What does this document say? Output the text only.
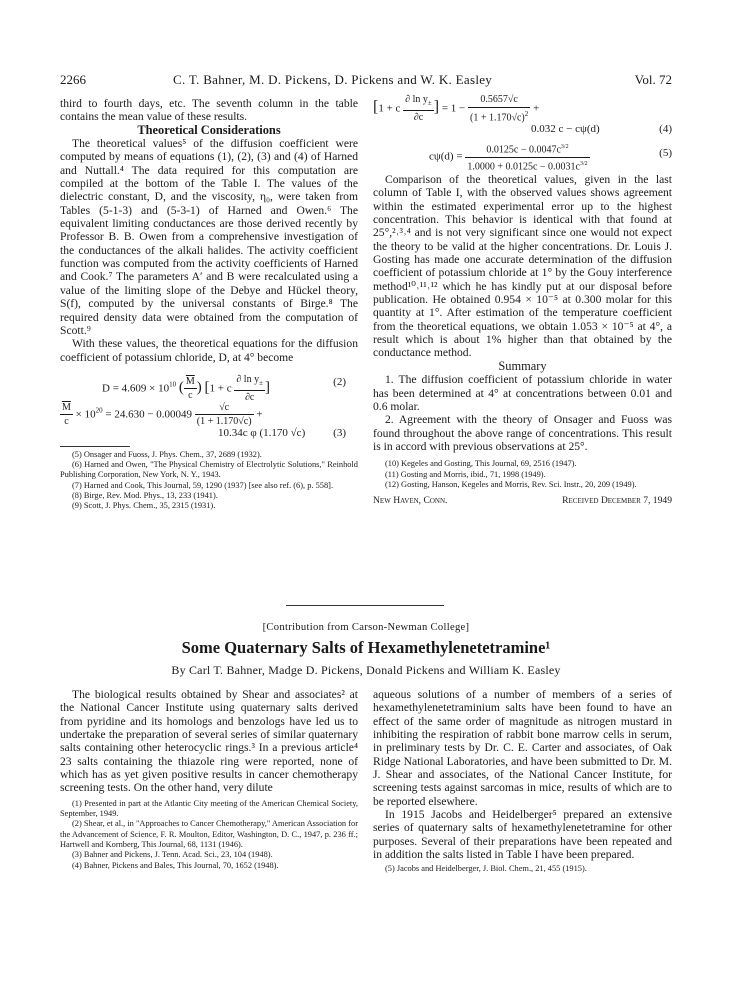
2266	C. T. Bahner, M. D. Pickens, D. Pickens and W. K. Easley	Vol. 72

third to fourth days, etc. The seventh column in the table contains the mean value of these results.

Theoretical Considerations

The theoretical values⁵ of the diffusion coefficient were computed by means of equations (1), (2), (3) and (4) of Harned and Nuttall.⁴ The data required for this computation are compiled at the bottom of the Table I. The values of the dielectric constant, D, and the viscosity, η₀, were taken from Tables (5-1-3) and (5-3-1) of Harned and Owen.⁶ The equivalent limiting conductances are those derived recently by Professor B. B. Owen from a comprehensive investigation of the conductances of the alkali halides. The activity coefficient function was computed from the activity coefficients of Harned and Cook.⁷ The parameters A′ and B were recalculated using a value of the limiting slope of the Debye and Hückel theory, S(f), computed by the universal constants of Birge.⁸ The required density data were obtained from the computation of Scott.⁹

With these values, the theoretical equations for the diffusion coefficient of potassium chloride, D, at 4° become

$D = 4.609 \times 10^{10}$ ( $\frac{\overline{M}}{c}$ ) [1 + c $\frac{\partial \ln y_\pm}{\partial c}$ ]	(2)
$\frac{\overline{M}}{c} \times 10^{20} = 24.630 - 0.00049 \frac{√c}{(1 + 1.170√c)}$ +
10.34c φ (1.170 √c)	(3)

(5) Onsager and Fuoss, J. Phys. Chem., 37, 2689 (1932).

(6) Harned and Owen, "The Physical Chemistry of Electrolytic Solutions," Reinhold Publishing Corporation, New York, N. Y., 1943.

(7) Harned and Cook, This Journal, 59, 1290 (1937) [see also ref. (6), p. 558].

(8) Birge, Rev. Mod. Phys., 13, 233 (1941).

(9) Scott, J. Phys. Chem., 35, 2315 (1931).

[1 + c $\frac{\partial \ln y_\pm}{\partial c}$ ] = $1 - \frac{0.5657√c}{(1 + 1.170√c)^2}$ +
0.032 c − cψ(d)	(4)
$c\psi(d) = \frac{0.0125c - 0.0047c^{3/2}}{1.0000 + 0.0125c - 0.0031c^{3/2}}$	(5)

Comparison of the theoretical values, given in the last column of Table I, with the observed values shows agreement within the estimated experimental error up to the highest concentration. This behavior is identical with that found at 25°,²˒³˒⁴ and is not very significant since one would not expect the theory to be valid at the higher concentrations. Dr. Louis J. Gosting has made one accurate determination of the diffusion coefficient of potassium chloride at 1° by the Gouy interference method¹⁰˒¹¹˒¹² which he has kindly put at our disposal before publication. He obtained 0.954 × 10⁻⁵ at 0.300 molar for this quantity at 1°. After estimation of the temperature coefficient from the theoretical equations, we obtain 1.053 × 10⁻⁵ at 4°, a result which is about 1% higher than that obtained by the conductance method.

Summary

1. The diffusion coefficient of potassium chloride in water has been determined at 4° at concentrations between 0.01 and 0.6 molar.

2. Agreement with the theory of Onsager and Fuoss was found throughout the above range of concentrations. This result is in accord with previous observations at 25°.

(10) Kegeles and Gosting, This Journal, 69, 2516 (1947).

(11) Gosting and Morris, ibid., 71, 1998 (1949).

(12) Gosting, Hanson, Kegeles and Morris, Rev. Sci. Instr., 20, 209 (1949).

New Haven, Conn.	Received December 7, 1949
[Contribution from Carson-Newman College]
Some Quaternary Salts of Hexamethylenetetramine¹
By Carl T. Bahner, Madge D. Pickens, Donald Pickens and William K. Easley

The biological results obtained by Shear and associates² at the National Cancer Institute using quaternary salts derived from pyridine and its homologs and benzologs have led us to undertake the preparation of several series of similar quaternary salts containing other heterocyclic rings.³ In a previous article⁴ 23 salts containing the thiazole ring were reported, none of which has as yet given positive results in cancer chemotherapy screening tests. On the other hand, very dilute

(1) Presented in part at the Atlantic City meeting of the American Chemical Society, September, 1949.

(2) Shear, et al., in "Approaches to Cancer Chemotherapy," American Association for the Advancement of Science, F. R. Moulton, Editor, Washington, D. C., 1947, p. 236 ff.; Hartwell and Kornberg, This Journal, 68, 1131 (1946).

(3) Bahner and Pickens, J. Tenn. Acad. Sci., 23, 104 (1948).

(4) Bahner, Pickens and Bales, This Journal, 70, 1652 (1948).

aqueous solutions of a number of members of a series of hexamethylenetetraminium salts have been found to have an effect of the same order of magnitude as nitrogen mustard in inhibiting the respiration of rabbit bone marrow cells in serum, in preliminary tests by Dr. C. E. Carter and associates, of Oak Ridge National Laboratories, and have been submitted to Dr. M. J. Shear and associates, of the National Cancer Institute, for screening tests against sarcomas in mice, results of which are to be reported elsewhere.

In 1915 Jacobs and Heidelberger⁵ prepared an extensive series of quaternary salts of hexamethylenetetramine for other purposes. Several of their preparations have been repeated and in addition the salts listed in Table I have been prepared.

(5) Jacobs and Heidelberger, J. Biol. Chem., 21, 455 (1915).
